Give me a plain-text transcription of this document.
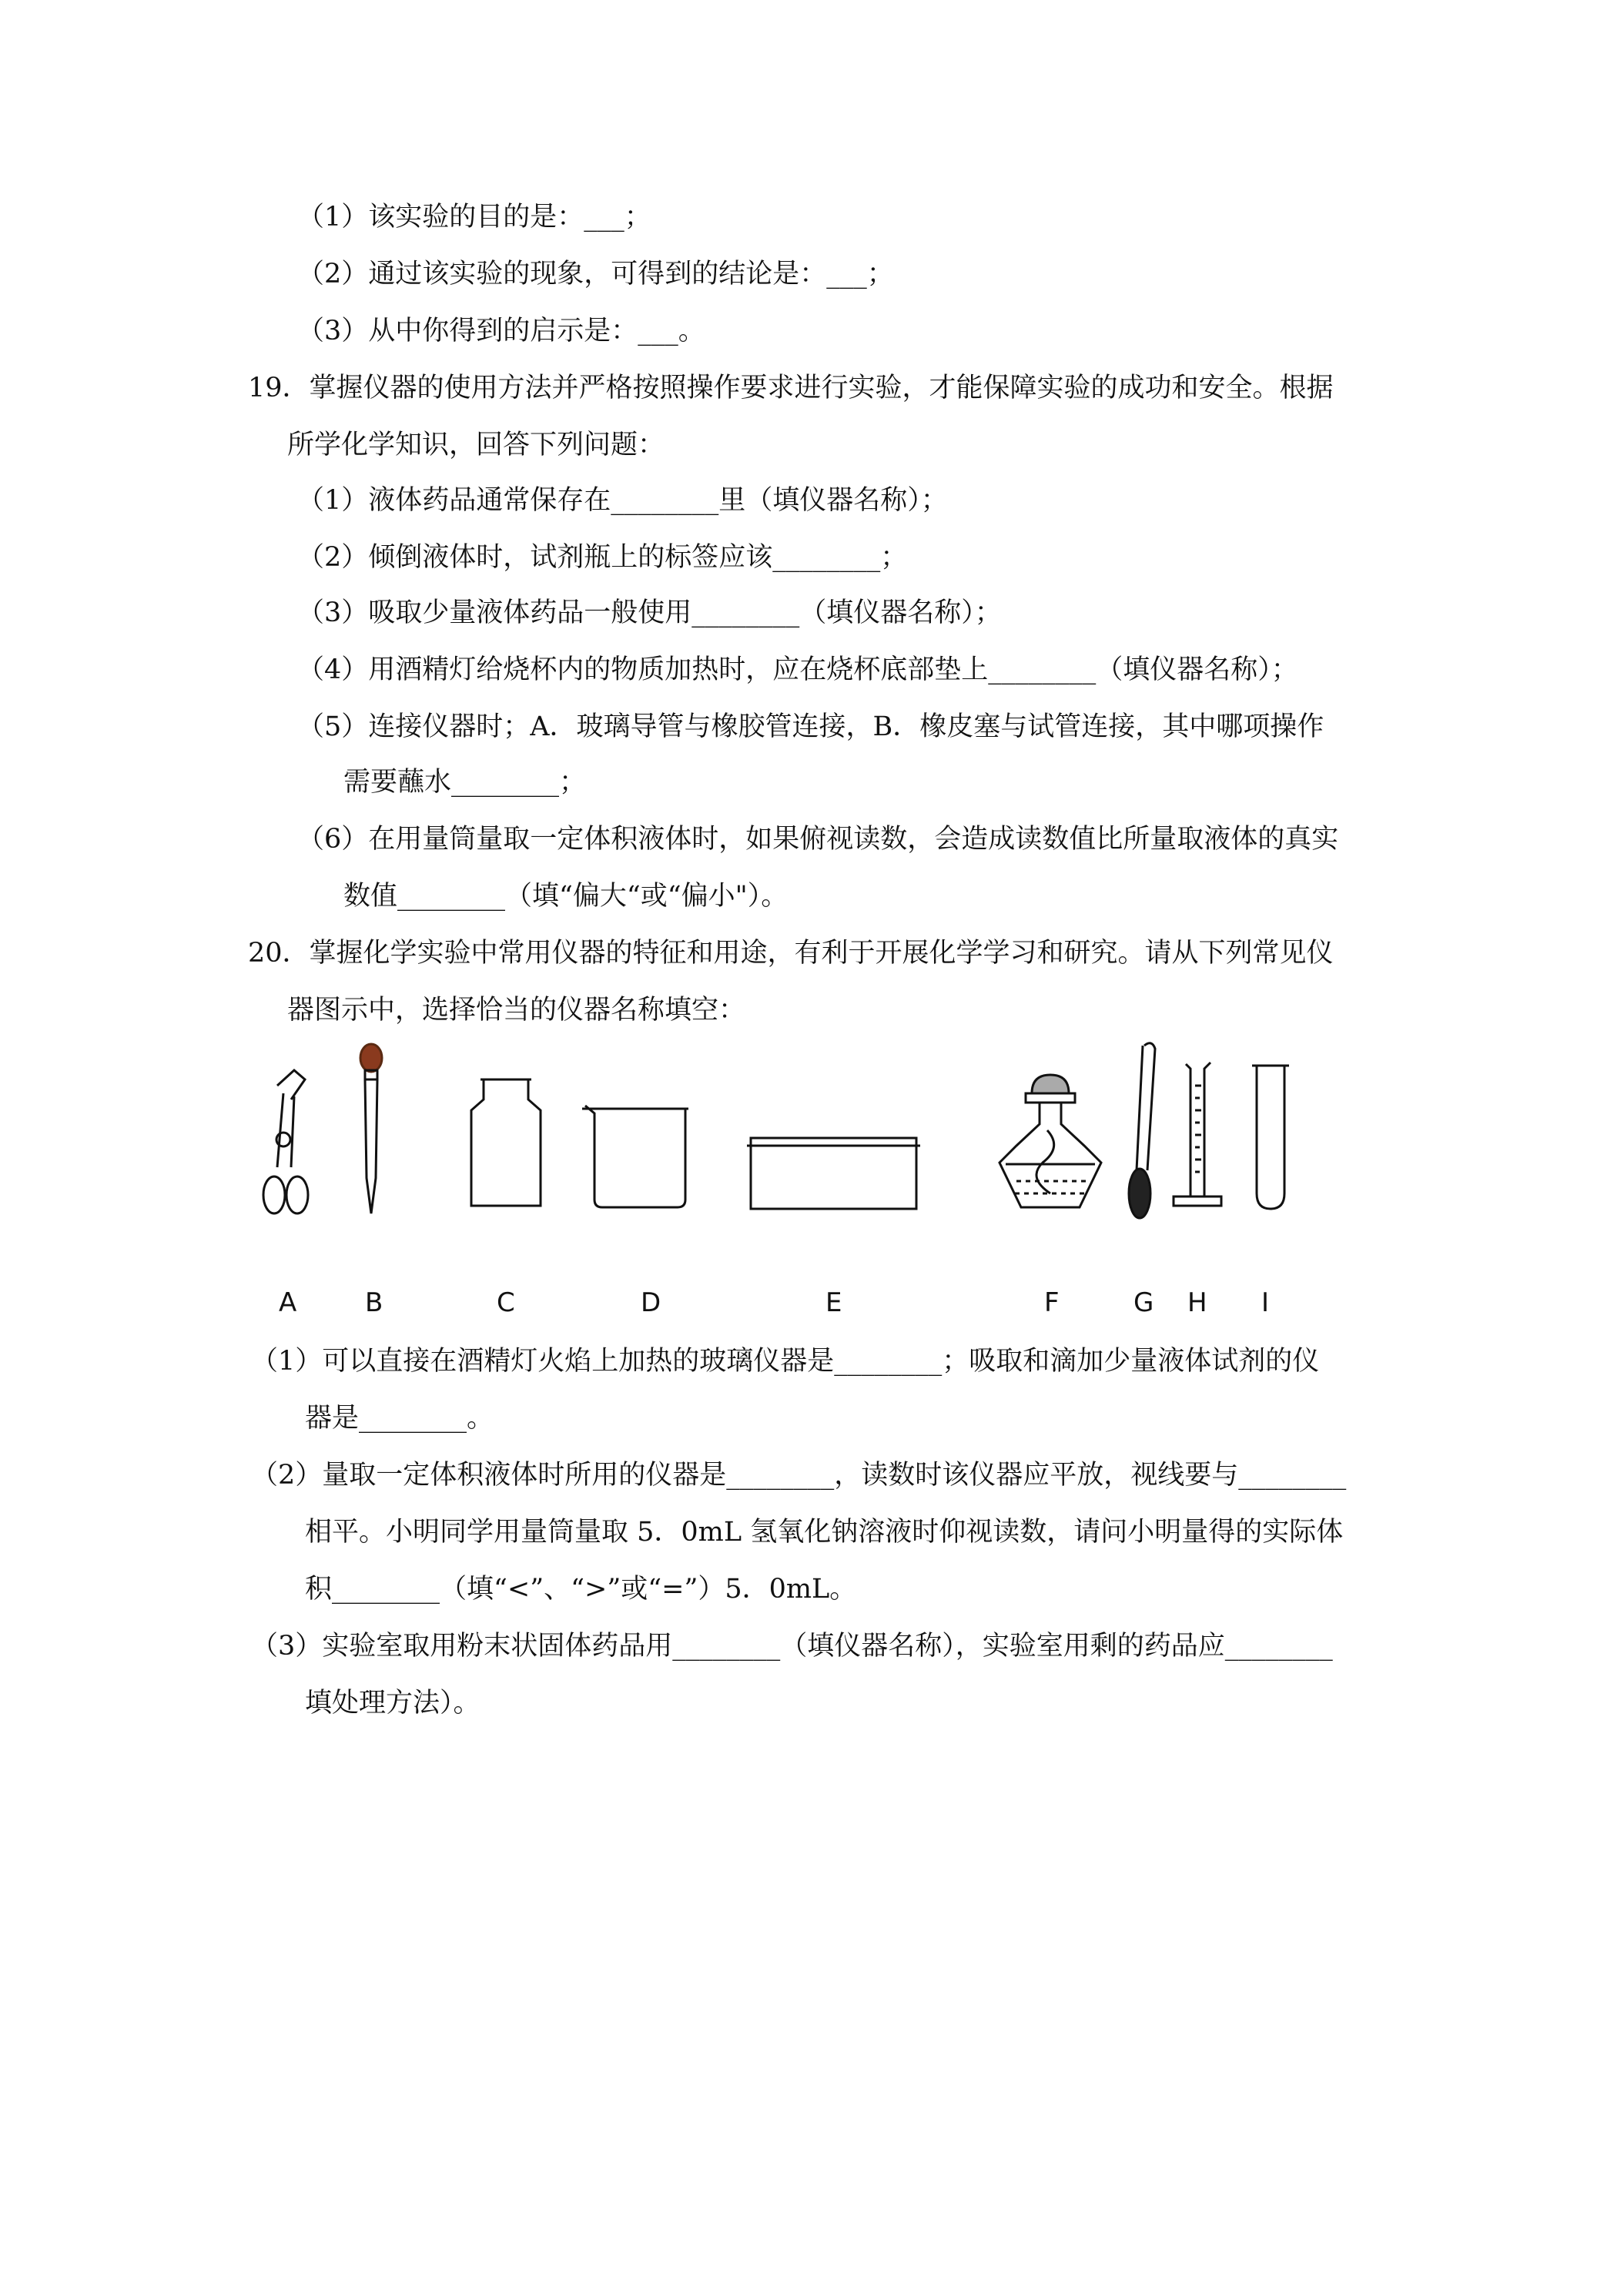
（1）该实验的目的是：___；
（2）通过该实验的现象，可得到的结论是：___；
（3）从中你得到的启示是：___。
19．掌握仪器的使用方法并严格按照操作要求进行实验，才能保障实验的成功和安全。根据
所学化学知识，回答下列问题：
（1）液体药品通常保存在________里（填仪器名称）；
（2）倾倒液体时，试剂瓶上的标签应该________；
（3）吸取少量液体药品一般使用________（填仪器名称）；
（4）用酒精灯给烧杯内的物质加热时，应在烧杯底部垫上________（填仪器名称）；
（5）连接仪器时；A．玻璃导管与橡胶管连接，B．橡皮塞与试管连接，其中哪项操作
需要蘸水________；
（6）在用量筒量取一定体积液体时，如果俯视读数，会造成读数值比所量取液体的真实
数值________（填“偏大“或“偏小"）。
20．掌握化学实验中常用仪器的特征和用途，有利于开展化学学习和研究。请从下列常见仪
器图示中，选择恰当的仪器名称填空：
A	B	C	D	E	F	G H I
（1）可以直接在酒精灯火焰上加热的玻璃仪器是________；吸取和滴加少量液体试剂的仪
器是________。
（2）量取一定体积液体时所用的仪器是________，读数时该仪器应平放，视线要与________
相平。小明同学用量筒量取 5．0mL 氢氧化钠溶液时仰视读数，请问小明量得的实际体
积________（填“<”、“>”或“=”）5．0mL。
（3）实验室取用粉末状固体药品用________（填仪器名称），实验室用剩的药品应________
填处理方法）。
